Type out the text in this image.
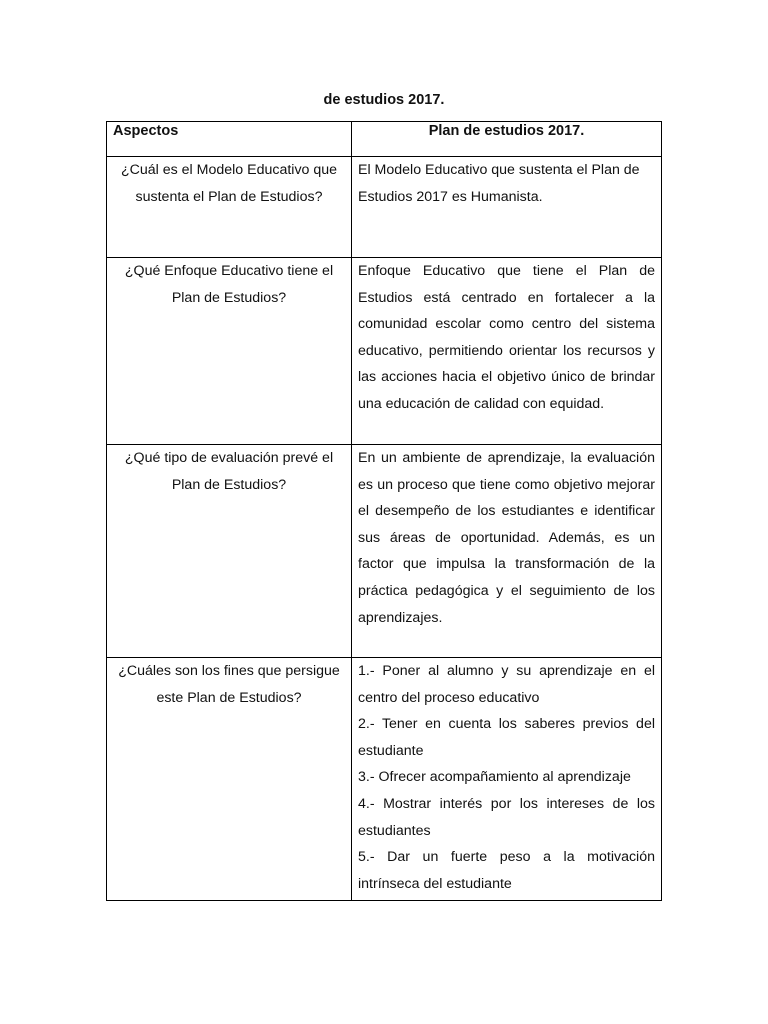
de estudios 2017.
Aspectos	Plan de estudios 2017.
¿Cuál es el Modelo Educativo que sustenta el Plan de Estudios?	El Modelo Educativo que sustenta el Plan de Estudios 2017 es Humanista.
¿Qué Enfoque Educativo tiene el Plan de Estudios?	Enfoque Educativo que tiene el Plan de Estudios está centrado en fortalecer a la comunidad escolar como centro del sistema educativo, permitiendo orientar los recursos y las acciones hacia el objetivo único de brindar una educación de calidad con equidad.
¿Qué tipo de evaluación prevé el Plan de Estudios?	En un ambiente de aprendizaje, la evaluación es un proceso que tiene como objetivo mejorar el desempeño de los estudiantes e identificar sus áreas de oportunidad. Además, es un factor que impulsa la transformación de la práctica pedagógica y el seguimiento de los aprendizajes.
¿Cuáles son los fines que persigue este Plan de Estudios?	1.- Poner al alumno y su aprendizaje en el centro del proceso educativo
2.- Tener en cuenta los saberes previos del estudiante
3.- Ofrecer acompañamiento al aprendizaje
4.- Mostrar interés por los intereses de los estudiantes
5.- Dar un fuerte peso a la motivación intrínseca del estudiante
